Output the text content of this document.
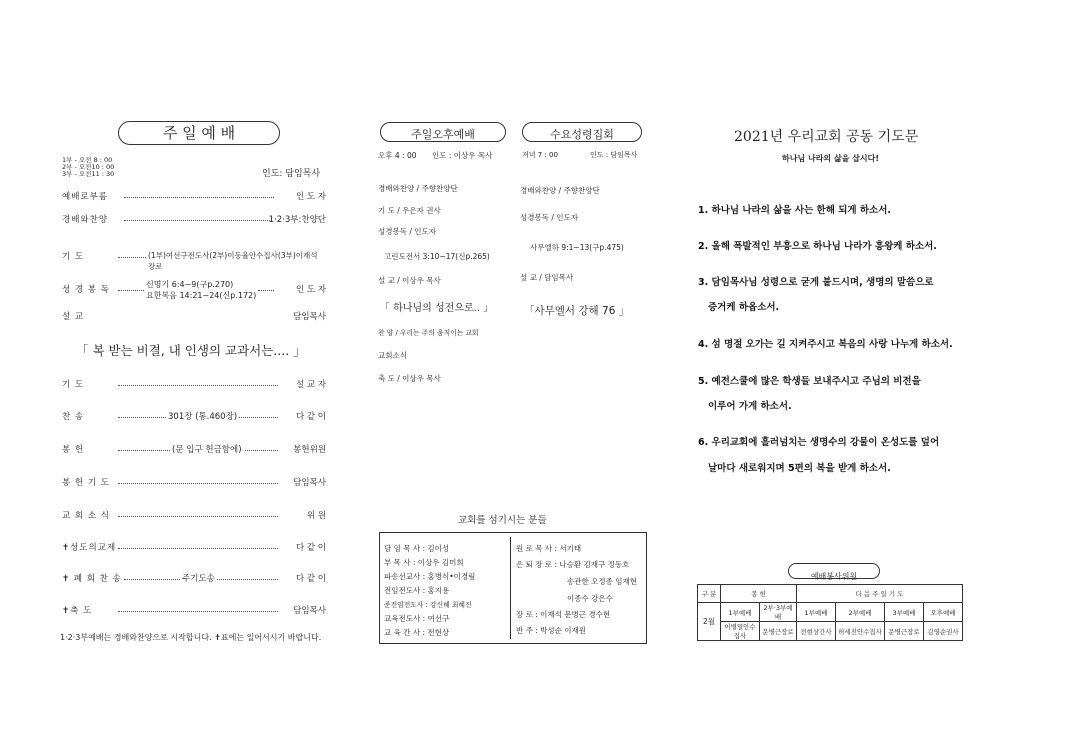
주 일 예 배
1부 - 오전 8 : 00
2부 - 오전10 : 00
3부 - 오전11 : 30	인도: 담임목사
예배로부름	인 도 자
경배와찬양	1·2·3부:찬양단
기 도	(1부)여선구전도사(2부)이동율안수집사(3부)이재석장로
성 경 봉 독	인 도 자
신명기 6:4~9(구p.270)
요한복음 14:21~24(신p.172)
설 교	담임목사
「 복 받는 비결, 내 인생의 교과서는.... 」
기 도	설 교 자
찬 송	301장 (통.460장)	다 같 이
봉 헌	(문 입구 헌금함에)	봉헌위원
봉 헌 기 도	담임목사
교 회 소 식	위 원
✝성도의교제	다 같 이
✝ 폐 회 찬 송	주기도송	다 같 이
✝축 도	담임목사
1·2·3부예배는 경배와찬양으로 시작합니다. ✝표에는 일어서시기 바랍니다.
주일오후예배
오후 4 : 00 인도 : 이상우 목사
경배와찬양 / 주향찬양단
기 도 / 우은자 권사
성경봉독 / 인도자
고린도전서 3:10~17(신p.265)
설 교 / 이상우 목사
「 하나님의 성전으로.. 」
찬 양 / 우리는 주의 움직이는 교회
교회소식
축 도 / 이상우 목사
수요성령집회
저녁 7 : 00	인도 : 담임목사
경배와찬양 / 주향찬양단
성경봉독 / 인도자
사무엘하 9:1~13(구p.475)
설 교 / 담임목사
「사무엘서 강해 76 」
교회를 섬기시는 분들
담 임 목 사 : 김이성
부 목 사 : 이상우 김미희
파송선교사 : 홍병식•이경림
전임전도사 : 홍지용
준전임전도사 : 강신혜 최혜진
교육전도사 : 여선구
교 육 간 사 : 전현상
원 로 목 사 : 서기태
은 퇴 장 로 : 나승환 김재구 정동호
송관한 오정종 임재현
이종수 강은수
장 로 : 이재석 문병근 경수현
반 주 : 박성순 이재원
2021년 우리교회 공동 기도문
하나님 나라의 삶을 삽시다!
1. 하나님 나라의 삶을 사는 한해 되게 하소서.
2. 올해 폭발적인 부흥으로 하나님 나라가 흥왕케 하소서.
3. 담임목사님 성령으로 굳게 붙드시며, 생명의 말씀으로
증거케 하옵소서.
4. 섬 명절 오가는 길 지켜주시고 복음의 사랑 나누게 하소서.
5. 예전스쿨에 많은 학생들 보내주시고 주님의 비전을
이루어 가게 하소서.
6. 우리교회에 흘러넘치는 생명수의 강물이 온성도를 덮어
날마다 새로워지며 5편의 복을 받게 하소서.
예배봉사위원
구 분	봉 헌		다 음 주 일 기 도			
2월	1부예배	2부·3부예배	1부예배	2부예배	3부예배	오후예배
	이병열안수집사	문병근장로	전현상간사	허세진안수집사	문병근장로	김영순권사
